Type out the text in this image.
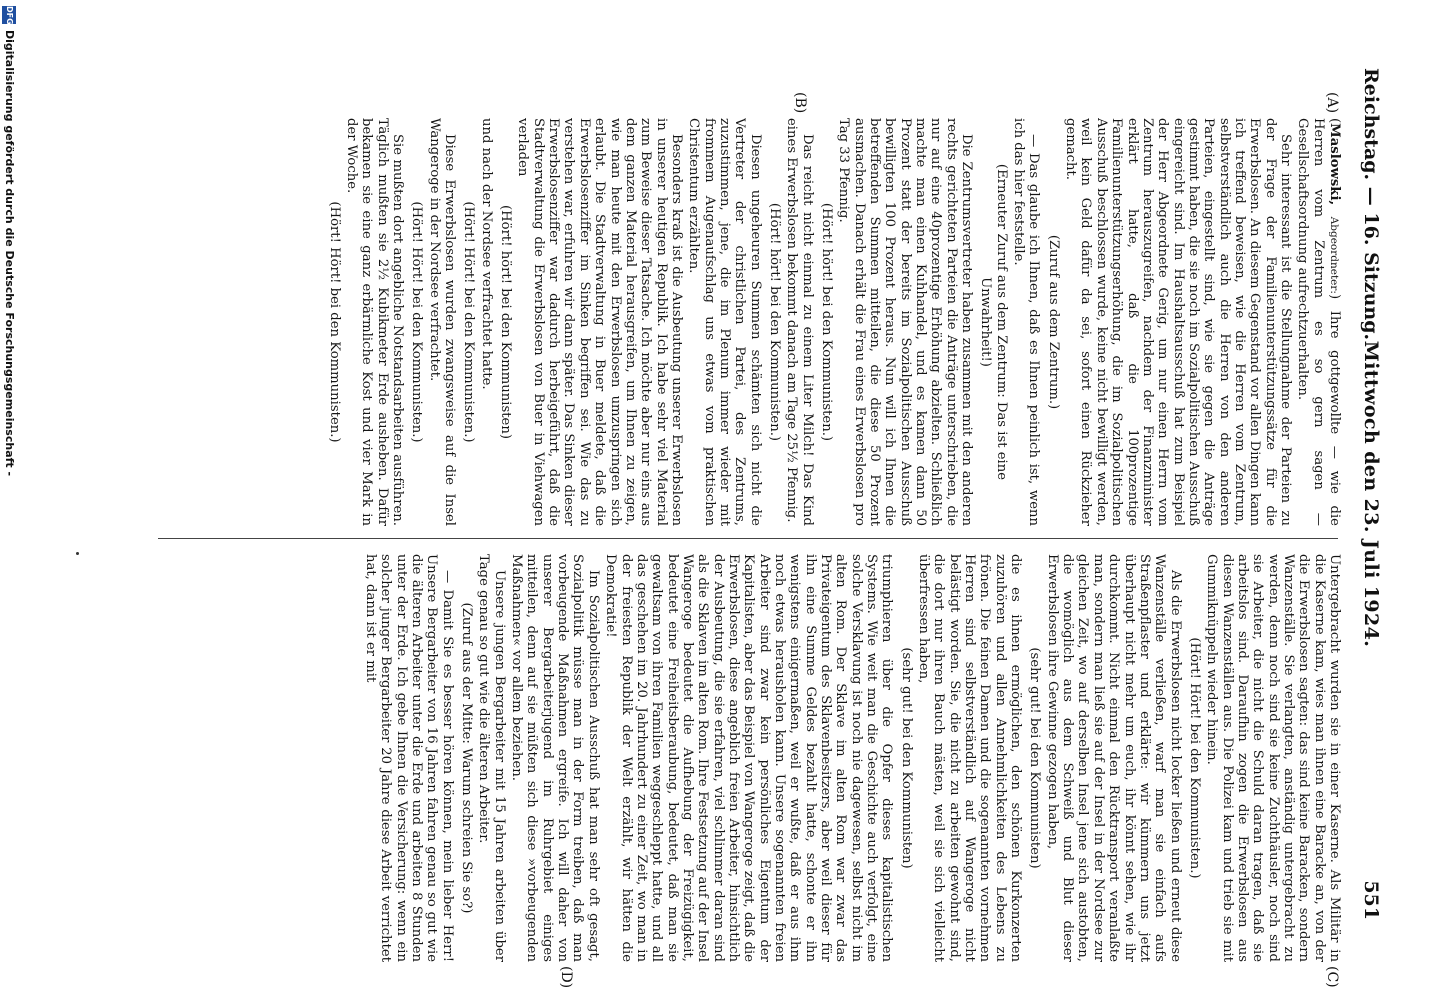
Reichstag. — 16. Sitzung.
Mittwoch den 23. Juli 1924.
551
(A)
(B)
(C)
(D)

(Maslowski, Abgeordneter:) Ihre gottgewollte — wie die Herren vom Zentrum es so gern sagen — Gesellschaftsordnung aufrechtzuerhalten.

Sehr interessant ist die Stellungnahme der Parteien zu der Frage der Familienunterstützungssätze für die Erwerbslosen. An diesem Gegenstand vor allen Dingen kann ich treffend beweisen, wie die Herren vom Zentrum, selbstverständlich auch die Herren von den anderen Parteien, eingestellt sind, wie sie gegen die Anträge gestimmt haben, die sie noch im Sozialpolitischen Ausschuß eingereicht sind. Im Haushaltsausschuß hat zum Beispiel der Herr Abgeordnete Gerig, um nur einen Herrn vom Zentrum herauszugreifen, nachdem der Finanzminister erklärt hatte, daß die 100prozentige Familienunterstützungserhöhung, die im Sozialpolitischen Ausschuß beschlossen wurde, keine nicht bewilligt werden, weil kein Geld dafür da sei, sofort einen Rückzieher gemacht.

(Zuruf aus dem Zentrum.)

— Das glaube ich Ihnen, daß es Ihnen peinlich ist, wenn ich das hier feststelle.

(Erneuter Zuruf aus dem Zentrum: Das ist eine Unwahrheit!)

Die Zentrumsvertreter haben zusammen mit den anderen rechts gerichteten Parteien die Anträge unterschrieben, die nur auf eine 40prozentige Erhöhung abzielten. Schließlich machte man einen Kuhhandel, und es kamen dann 50 Prozent statt der bereits im Sozialpolitischen Ausschuß bewilligten 100 Prozent heraus. Nun will ich Ihnen die betreffenden Summen mitteilen, die diese 50 Prozent ausmachen. Danach erhält die Frau eines Erwerbslosen pro Tag 33 Pfennig.

(Hört! hört! bei den Kommunisten.)

Das reicht nicht einmal zu einem Liter Milch! Das Kind eines Erwerbslosen bekommt danach am Tage 25½ Pfennig.

(Hört! hört! bei den Kommunisten.)

Diesen ungeheuren Summen schämten sich nicht die Vertreter der christlichen Partei, des Zentrums, zuzustimmen, jene, die im Plenum immer wieder mit frommem Augenaufschlag uns etwas vom praktischen Christentum erzählten.

Besonders kraß ist die Ausbeutung unserer Erwerbslosen in unserer heutigen Republik. Ich habe sehr viel Material zum Beweise dieser Tatsache. Ich möchte aber nur eins aus dem ganzen Material herausgreifen, um Ihnen zu zeigen, wie man heute mit den Erwerbslosen umzuspringen sich erlaubt. Die Stadtverwaltung in Buer meldete, daß die Erwerbslosenziffer im Sinken begriffen sei. Wie das zu verstehen war, erfuhren wir dann später. Das Sinken dieser Erwerbslosenziffer war dadurch herbeigeführt, daß die Stadtverwaltung die Erwerbslosen von Buer in Viehwagen verladen

(Hört! hört! bei den Kommunisten)

und nach der Nordsee verfrachtet hatte.

(Hört! Hört! bei den Kommunisten.)

Diese Erwerbslosen wurden zwangsweise auf die Insel Wangeroge in der Nordsee verfrachtet.

(Hört! Hört! bei den Kommunisten.)

Sie mußten dort angebliche Notstandsarbeiten ausführen. Täglich mußten sie 2½ Kubikmeter Erde ausheben. Dafür bekamen sie eine ganz erbärmliche Kost und vier Mark in der Woche.

(Hört! Hört! bei den Kommunisten.)

Untergebracht wurden sie in einer Kaserne. Als Militär in die Kaserne kam, wies man ihnen eine Baracke an, von der die Erwerbslosen sagten: das sind keine Baracken, sondern Wanzenställe. Sie verlangten, anständig untergebracht zu werden, denn noch sind sie keine Zuchthäusler, noch sind sie Arbeiter, die nicht die Schuld daran tragen, daß sie arbeitslos sind. Daraufhin zogen die Erwerbslosen aus diesen Wanzenställen aus. Die Polizei kam und trieb sie mit Gummiknüppeln wieder hinein.

(Hört! Hört! bei den Kommunisten.)

Als die Erwerbslosen nicht locker ließen und erneut diese Wanzenställe verließen, warf man sie einfach aufs Straßenpflaster und erklärte: wir kümmern uns jetzt überhaupt nicht mehr um euch, ihr könnt sehen, wie ihr durchkommt. Nicht einmal den Rücktransport veranlaßte man, sondern man ließ sie auf der Insel in der Nordsee zur gleichen Zeit, wo auf derselben Insel jene sich austobten, die womöglich aus dem Schweiß und Blut dieser Erwerbslosen ihre Gewinne gezogen haben,

(sehr gut! bei den Kommunisten)

die es ihnen ermöglichen, den schönen Kurkonzerten zuzuhören und allen Annehmlichkeiten des Lebens zu frönen. Die feinen Damen und die sogenannten vornehmen Herren sind selbstverständlich auf Wangeroge nicht belästigt worden. Sie, die nicht zu arbeiten gewohnt sind, die dort nur ihren Bauch mästen, weil sie sich vielleicht überfressen haben,

(sehr gut! bei den Kommunisten)

triumphieren über die Opfer dieses kapitalistischen Systems. Wie weit man die Geschichte auch verfolgt, eine solche Versklavung ist noch nie dagewesen, selbst nicht im alten Rom. Der Sklave im alten Rom war zwar das Privateigentum des Sklavenbesitzers, aber weil dieser für ihn eine Summe Geldes bezahlt hatte, schonte er ihn wenigstens einigermaßen, weil er wußte, daß er aus ihm noch etwas herausholen kann. Unsere sogenannten freien Arbeiter sind zwar kein persönliches Eigentum der Kapitalisten, aber das Beispiel von Wangeroge zeigt, daß die Erwerbslosen, diese angeblich freien Arbeiter, hinsichtlich der Ausbeutung, die sie erfahren, viel schlimmer daran sind als die Sklaven im alten Rom. Ihre Festsetzung auf der Insel Wangeroge bedeutet die Aufhebung der Freizügigkeit, bedeutet eine Freiheitsberaubung, bedeutet, daß man sie gewaltsam von ihren Familien weggeschleppt hatte, und all das geschehen im 20. Jahrhundert zu einer Zeit, wo man in der freiesten Republik der Welt erzählt, wir hätten die Demokratie!

Im Sozialpolitischen Ausschuß hat man sehr oft gesagt, Sozialpolitik müsse man in der Form treiben, daß man vorbeugende Maßnahmen ergreife. Ich will daher von unserer Bergarbeiterjugend im Ruhrgebiet einiges mitteilen, denn auf sie müßten sich diese »vorbeugenden Maßnahmen« vor allem beziehen.

Unsere jungen Bergarbeiter mit 15 Jahren arbeiten über Tage genau so gut wie die älteren Arbeiter.

(Zuruf aus der Mitte: Warum schreien Sie so?)

— Damit Sie es besser hören können, mein lieber Herr! Unsere Bergarbeiter von 16 Jahren fahren genau so gut wie die älteren Arbeiter unter die Erde und arbeiten 8 Stunden unter der Erde. Ich gebe Ihnen die Versicherung: wenn ein solcher junger Bergarbeiter 20 Jahre diese Arbeit verrichtet hat, dann ist er mit

DFG
Digitalisierung gefördert durch die Deutsche Forschungsgemeinschaft -
